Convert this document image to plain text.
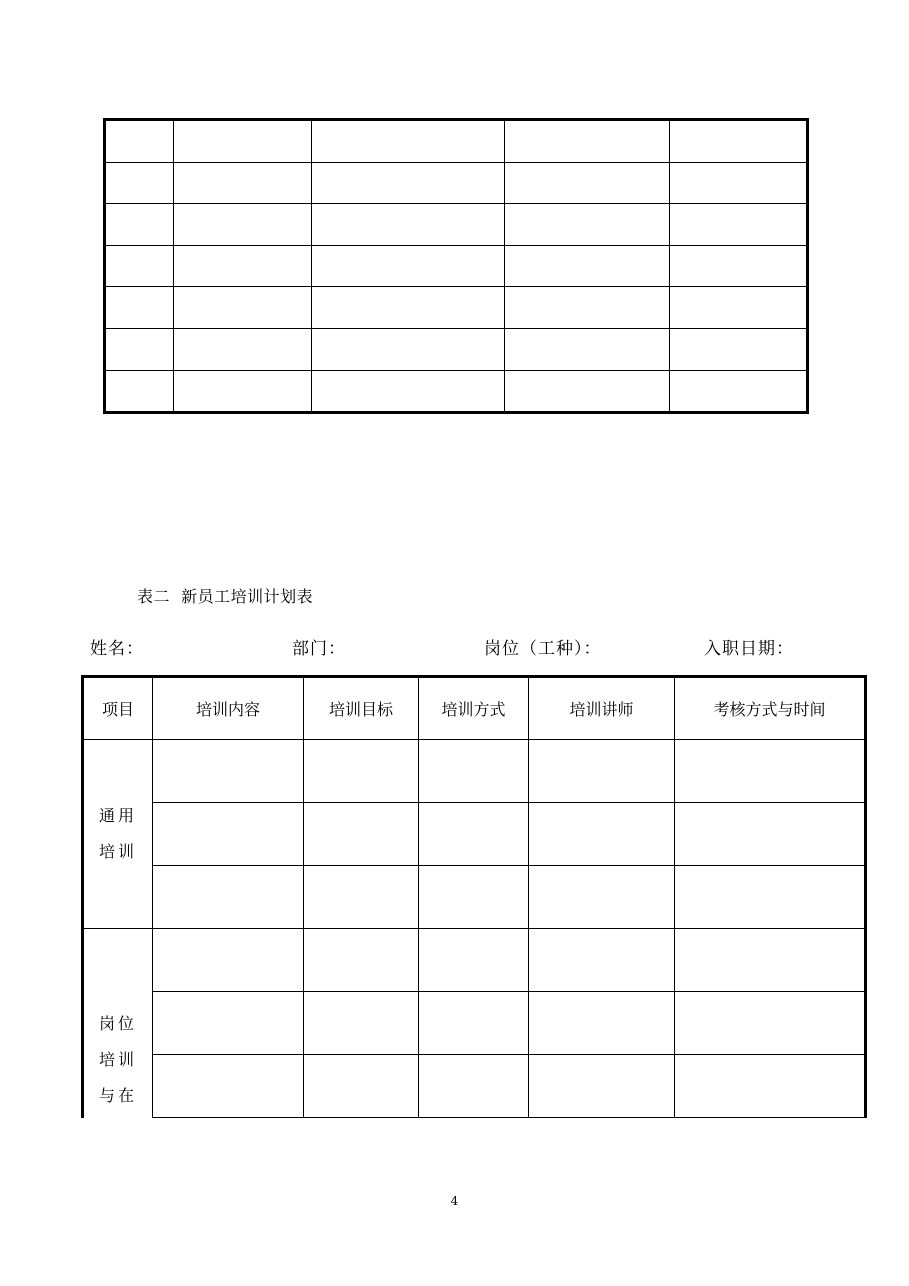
表二  新员工培训计划表
姓名：	部门：	岗位（工种）：	入职日期：
项目	培训内容	培训目标	培训方式	培训讲师	考核方式与时间

通用
培训					

岗位
培训
与在					

4
